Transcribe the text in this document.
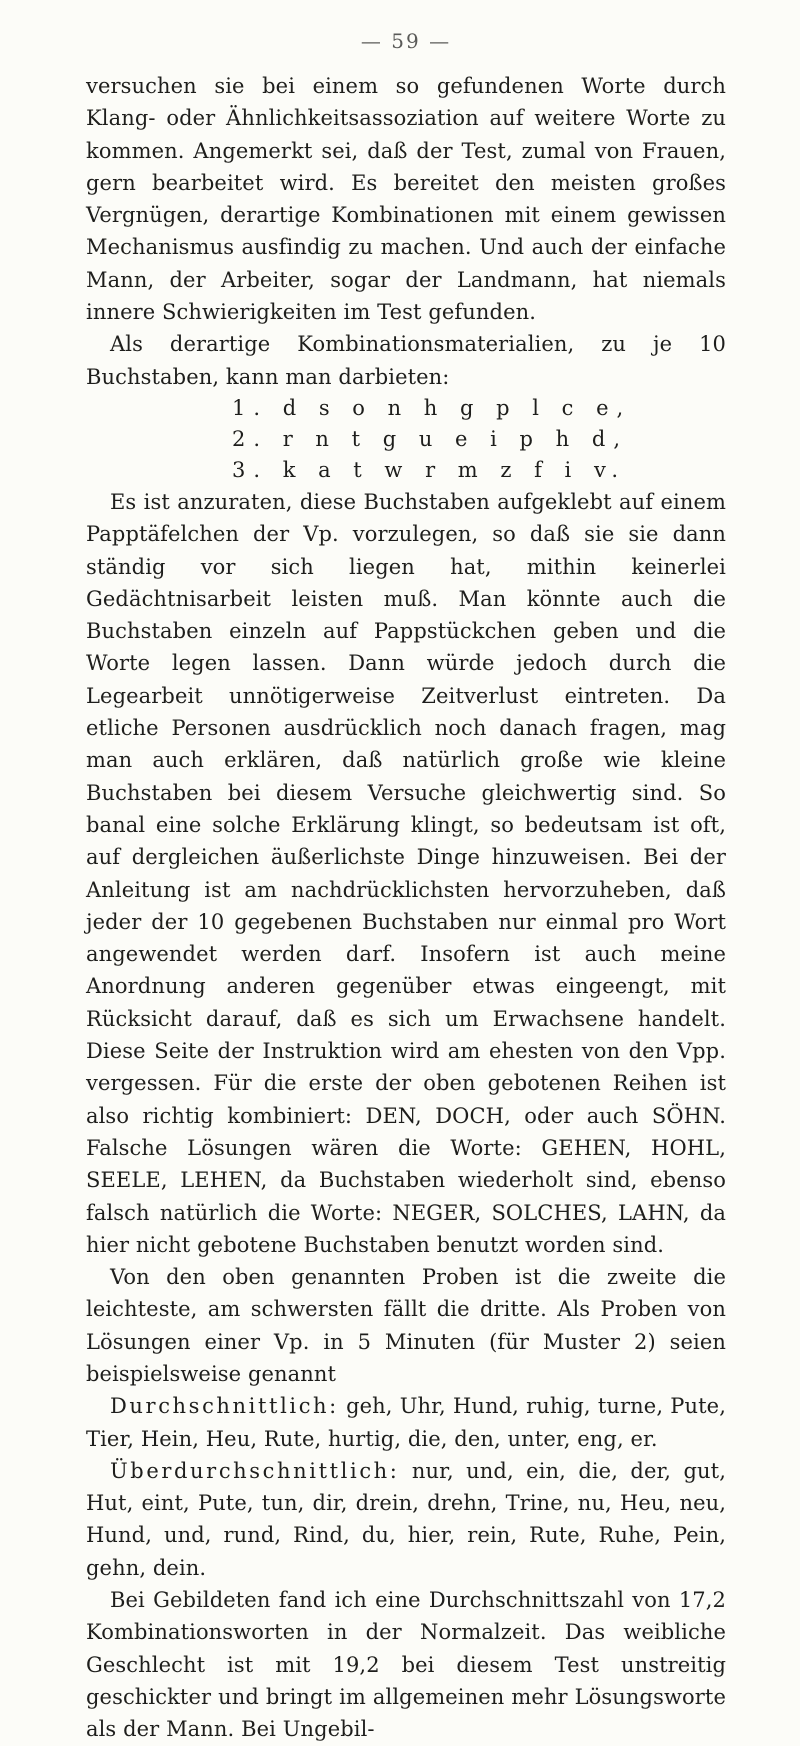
— 59 —

versuchen sie bei einem so gefundenen Worte durch Klang- oder Ähnlichkeitsassoziation auf weitere Worte zu kommen. Angemerkt sei, daß der Test, zumal von Frauen, gern bearbeitet wird. Es bereitet den meisten großes Vergnügen, derartige Kombinationen mit einem gewissen Mechanismus ausfindig zu machen. Und auch der einfache Mann, der Arbeiter, sogar der Landmann, hat niemals innere Schwierigkeiten im Test gefunden.

Als derartige Kombinationsmaterialien, zu je 10 Buchstaben, kann man darbieten:

1. d s o n h g p l c e,
2. r n t g u e i p h d,
3. k a t w r m z f i v.

Es ist anzuraten, diese Buchstaben aufgeklebt auf einem Papptäfelchen der Vp. vorzulegen, so daß sie sie dann ständig vor sich liegen hat, mithin keinerlei Gedächtnisarbeit leisten muß. Man könnte auch die Buchstaben einzeln auf Pappstückchen geben und die Worte legen lassen. Dann würde jedoch durch die Legearbeit unnötigerweise Zeitverlust eintreten. Da etliche Personen ausdrücklich noch danach fragen, mag man auch erklären, daß natürlich große wie kleine Buchstaben bei diesem Versuche gleichwertig sind. So banal eine solche Erklärung klingt, so bedeutsam ist oft, auf dergleichen äußerlichste Dinge hinzuweisen. Bei der Anleitung ist am nachdrücklichsten hervorzuheben, daß jeder der 10 gegebenen Buchstaben nur einmal pro Wort angewendet werden darf. Insofern ist auch meine Anordnung anderen gegenüber etwas eingeengt, mit Rücksicht darauf, daß es sich um Erwachsene handelt. Diese Seite der Instruktion wird am ehesten von den Vpp. vergessen. Für die erste der oben gebotenen Reihen ist also richtig kombiniert: DEN, DOCH, oder auch SÖHN. Falsche Lösungen wären die Worte: GEHEN, HOHL, SEELE, LEHEN, da Buchstaben wiederholt sind, ebenso falsch natürlich die Worte: NEGER, SOLCHES, LAHN, da hier nicht gebotene Buchstaben benutzt worden sind.

Von den oben genannten Proben ist die zweite die leichteste, am schwersten fällt die dritte. Als Proben von Lösungen einer Vp. in 5 Minuten (für Muster 2) seien beispielsweise genannt

Durchschnittlich: geh, Uhr, Hund, ruhig, turne, Pute, Tier, Hein, Heu, Rute, hurtig, die, den, unter, eng, er.

Überdurchschnittlich: nur, und, ein, die, der, gut, Hut, eint, Pute, tun, dir, drein, drehn, Trine, nu, Heu, neu, Hund, und, rund, Rind, du, hier, rein, Rute, Ruhe, Pein, gehn, dein.

Bei Gebildeten fand ich eine Durchschnittszahl von 17,2 Kombinationsworten in der Normalzeit. Das weibliche Geschlecht ist mit 19,2 bei diesem Test unstreitig geschickter und bringt im allgemeinen mehr Lösungsworte als der Mann. Bei Ungebil-
